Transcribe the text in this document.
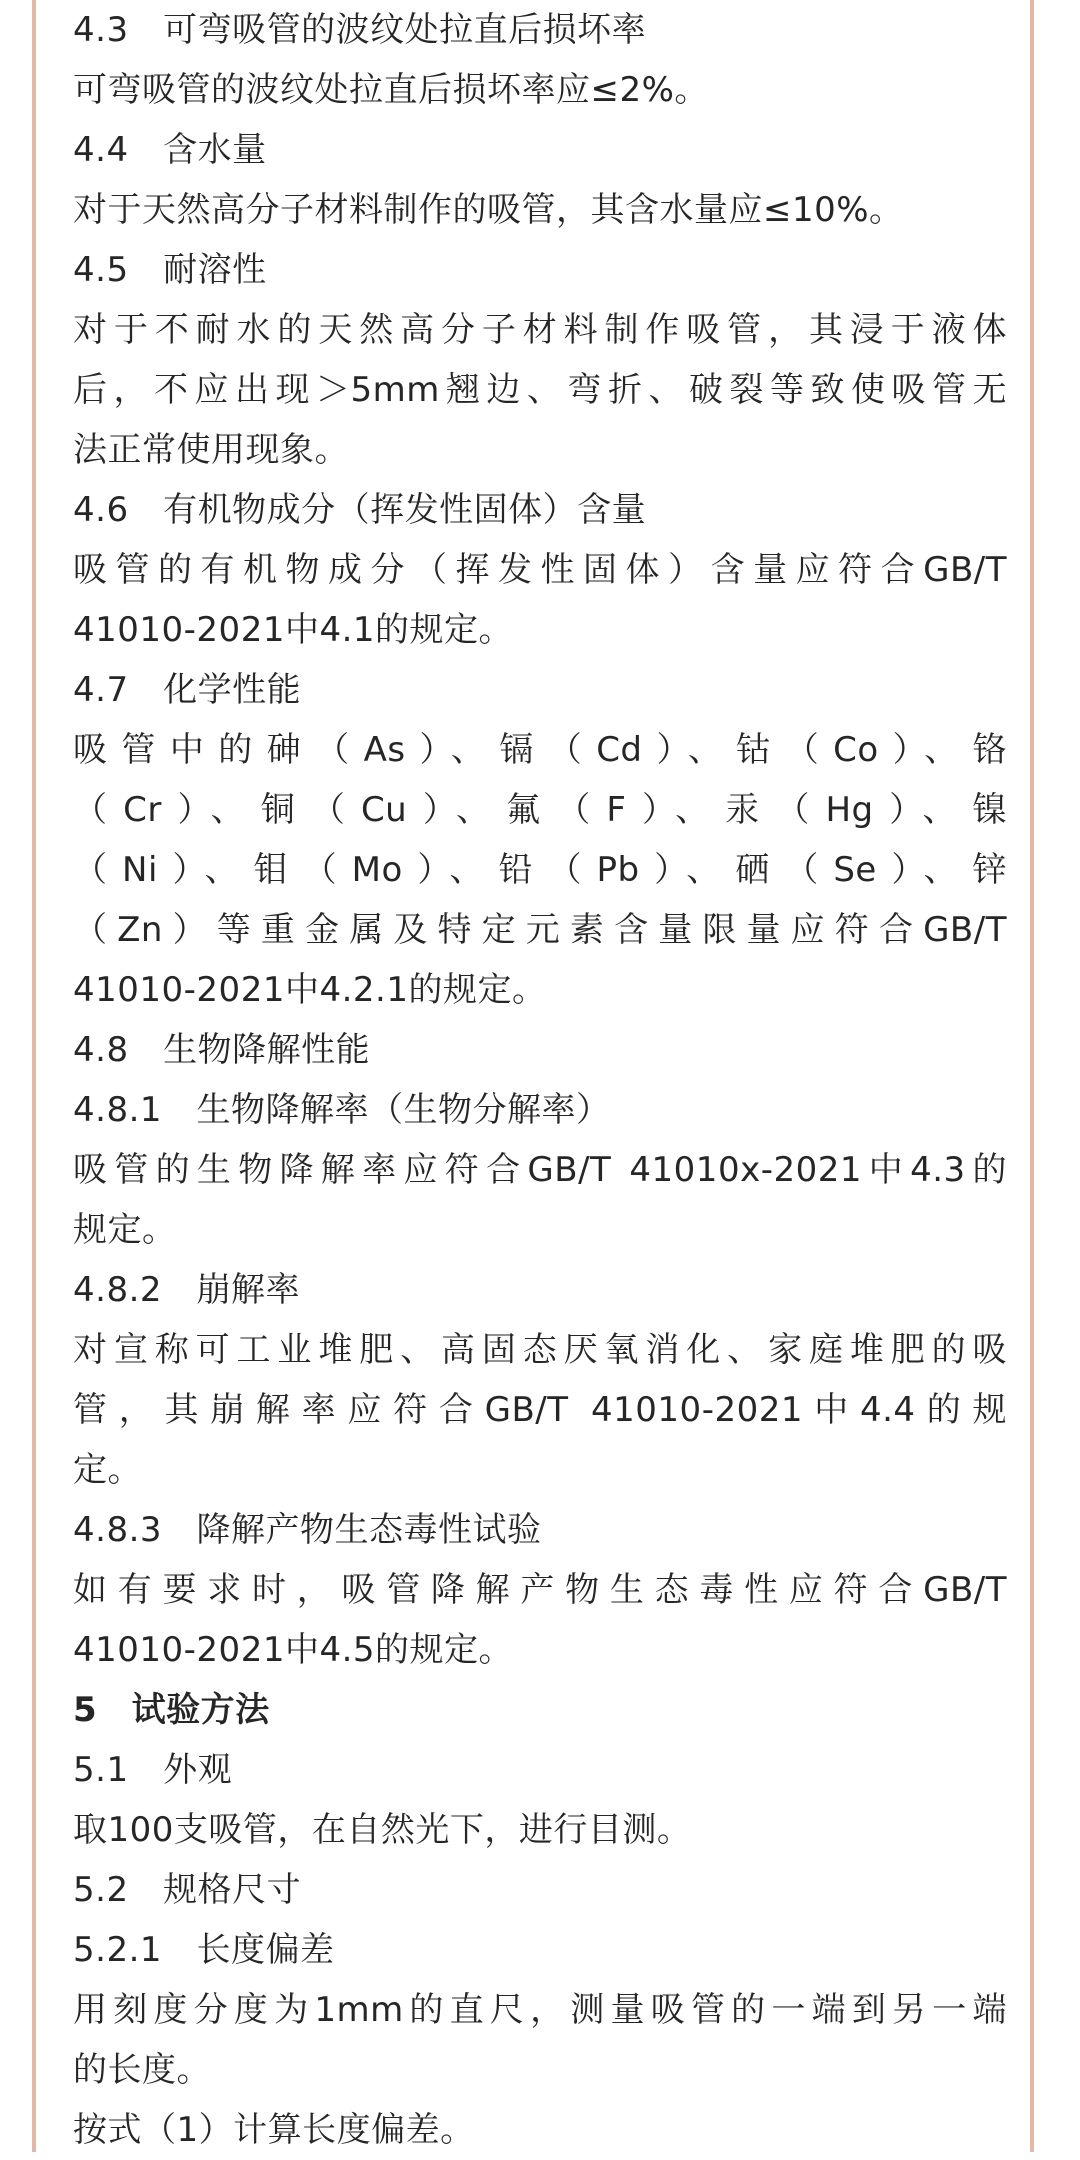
4.3　可弯吸管的波纹处拉直后损坏率
可弯吸管的波纹处拉直后损坏率应≤2%。
4.4　含水量
对于天然高分子材料制作的吸管，其含水量应≤10%。
4.5　耐溶性
对于不耐水的天然高分子材料制作吸管，其浸于液体
后，不应出现＞5mm翘边、弯折、破裂等致使吸管无
法正常使用现象。
4.6　有机物成分（挥发性固体）含量
吸管的有机物成分（挥发性固体）含量应符合GB/T
41010-2021中4.1的规定。
4.7　化学性能
吸管中的砷（As）、镉（Cd）、钴（Co）、铬
（Cr）、铜（Cu）、氟（F）、汞（Hg）、镍
（Ni）、钼（Mo）、铅（Pb）、硒（Se）、锌
（Zn）等重金属及特定元素含量限量应符合GB/T
41010-2021中4.2.1的规定。
4.8　生物降解性能
4.8.1　生物降解率（生物分解率）
吸管的生物降解率应符合GB/T 41010x-2021中4.3的
规定。
4.8.2　崩解率
对宣称可工业堆肥、高固态厌氧消化、家庭堆肥的吸
管，其崩解率应符合GB/T 41010-2021中4.4的规
定。
4.8.3　降解产物生态毒性试验
如有要求时，吸管降解产物生态毒性应符合GB/T
41010-2021中4.5的规定。
5　试验方法
5.1　外观
取100支吸管，在自然光下，进行目测。
5.2　规格尺寸
5.2.1　长度偏差
用刻度分度为1mm的直尺，测量吸管的一端到另一端
的长度。
按式（1）计算长度偏差。
